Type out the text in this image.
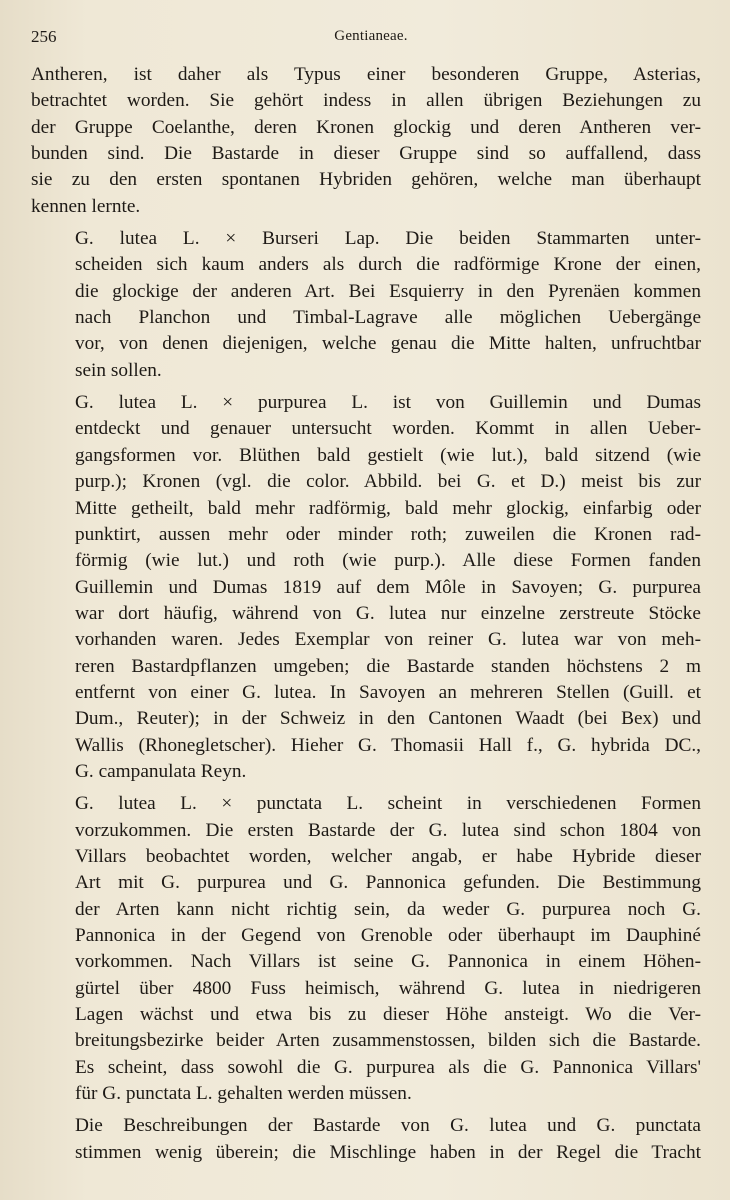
256	Gentianeae.

Antheren, ist daher als Typus einer besonderen Gruppe, Asterias,
betrachtet worden. Sie gehört indess in allen übrigen Beziehungen zu
der Gruppe Coelanthe, deren Kronen glockig und deren Antheren ver-
bunden sind. Die Bastarde in dieser Gruppe sind so auffallend, dass
sie zu den ersten spontanen Hybriden gehören, welche man überhaupt
kennen lernte.

G. lutea L. × Burseri Lap. Die beiden Stammarten unter-
scheiden sich kaum anders als durch die radförmige Krone der einen,
die glockige der anderen Art. Bei Esquierry in den Pyrenäen kommen
nach Planchon und Timbal-Lagrave alle möglichen Uebergänge
vor, von denen diejenigen, welche genau die Mitte halten, unfruchtbar
sein sollen.

G. lutea L. × purpurea L. ist von Guillemin und Dumas
entdeckt und genauer untersucht worden. Kommt in allen Ueber-
gangsformen vor. Blüthen bald gestielt (wie lut.), bald sitzend (wie
purp.); Kronen (vgl. die color. Abbild. bei G. et D.) meist bis zur
Mitte getheilt, bald mehr radförmig, bald mehr glockig, einfarbig oder
punktirt, aussen mehr oder minder roth; zuweilen die Kronen rad-
förmig (wie lut.) und roth (wie purp.). Alle diese Formen fanden
Guillemin und Dumas 1819 auf dem Môle in Savoyen; G. purpurea
war dort häufig, während von G. lutea nur einzelne zerstreute Stöcke
vorhanden waren. Jedes Exemplar von reiner G. lutea war von meh-
reren Bastardpflanzen umgeben; die Bastarde standen höchstens 2 m
entfernt von einer G. lutea. In Savoyen an mehreren Stellen (Guill. et
Dum., Reuter); in der Schweiz in den Cantonen Waadt (bei Bex) und
Wallis (Rhonegletscher). Hieher G. Thomasii Hall f., G. hybrida DC.,
G. campanulata Reyn.

G. lutea L. × punctata L. scheint in verschiedenen Formen
vorzukommen. Die ersten Bastarde der G. lutea sind schon 1804 von
Villars beobachtet worden, welcher angab, er habe Hybride dieser
Art mit G. purpurea und G. Pannonica gefunden. Die Bestimmung
der Arten kann nicht richtig sein, da weder G. purpurea noch G.
Pannonica in der Gegend von Grenoble oder überhaupt im Dauphiné
vorkommen. Nach Villars ist seine G. Pannonica in einem Höhen-
gürtel über 4800 Fuss heimisch, während G. lutea in niedrigeren
Lagen wächst und etwa bis zu dieser Höhe ansteigt. Wo die Ver-
breitungsbezirke beider Arten zusammenstossen, bilden sich die Bastarde.
Es scheint, dass sowohl die G. purpurea als die G. Pannonica Villars'
für G. punctata L. gehalten werden müssen.

Die Beschreibungen der Bastarde von G. lutea und G. punctata
stimmen wenig überein; die Mischlinge haben in der Regel die Tracht
